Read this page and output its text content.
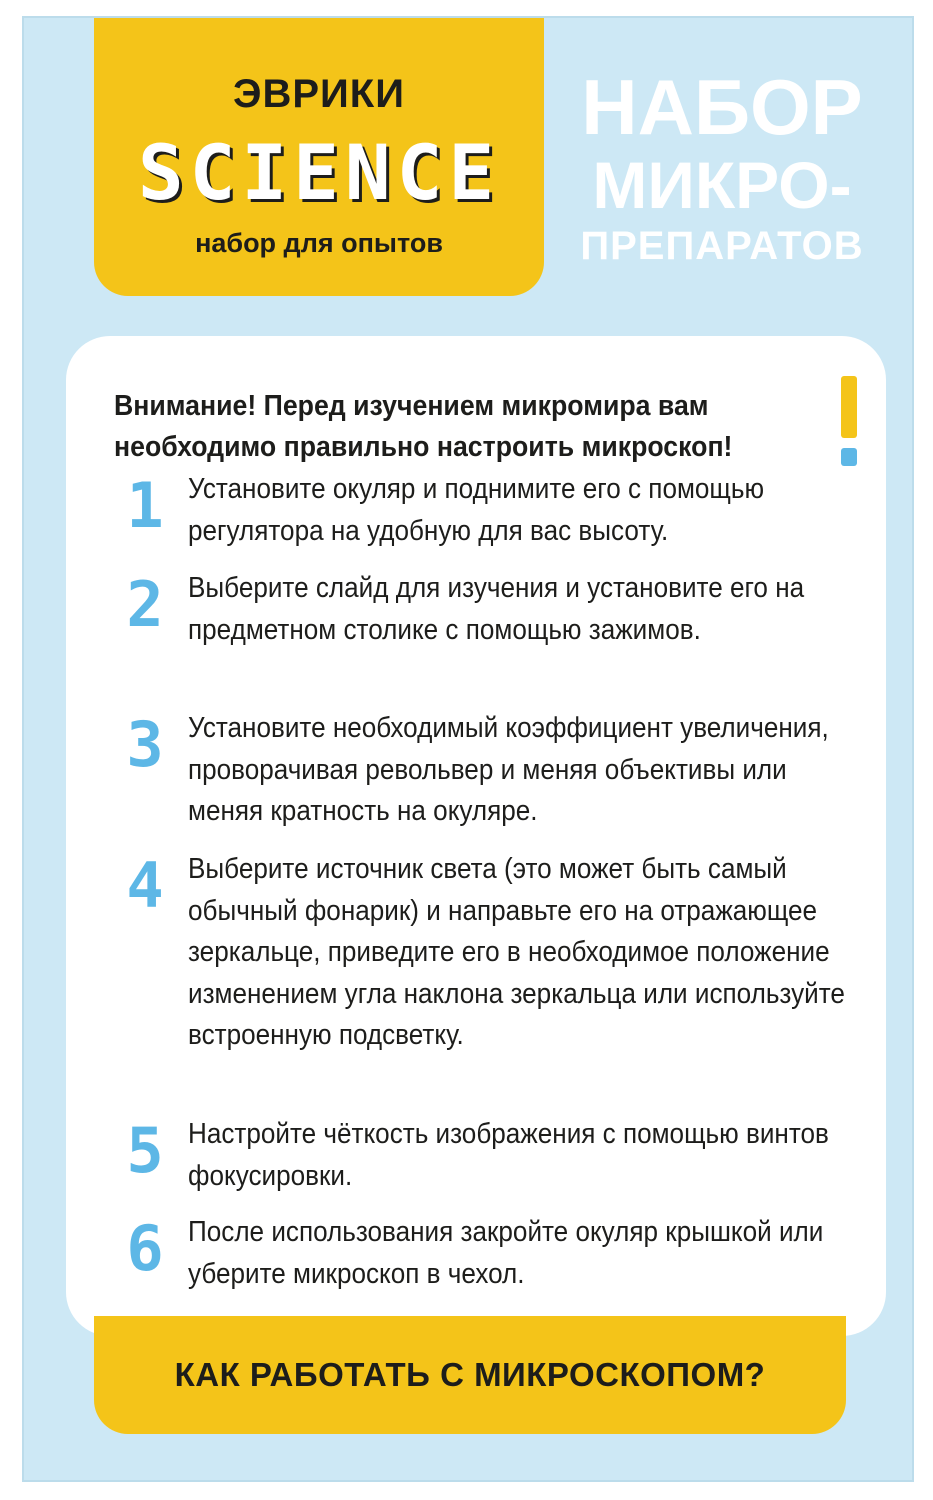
ЭВРИКИ
SCIENCE
набор для опытов
НАБОР
МИКРО-
ПРЕПАРАТОВ
Внимание! Перед изучением микромира вам необходимо правильно настроить микроскоп!
1 Установите окуляр и поднимите его с помощью регулятора на удобную для вас высоту.
2 Выберите слайд для изучения и установите его на предметном столике с помощью зажимов.
3 Установите необходимый коэффициент увеличения, проворачивая револьвер и меняя объективы или меняя кратность на окуляре.
4 Выберите источник света (это может быть самый обычный фонарик) и направьте его на отражающее зеркальце, приведите его в необходимое положение изменением угла наклона зеркальца или используйте встроенную подсветку.
5 Настройте чёткость изображения с помощью винтов фокусировки.
6 После использования закройте окуляр крышкой или уберите микроскоп в чехол.
КАК РАБОТАТЬ С МИКРОСКОПОМ?
